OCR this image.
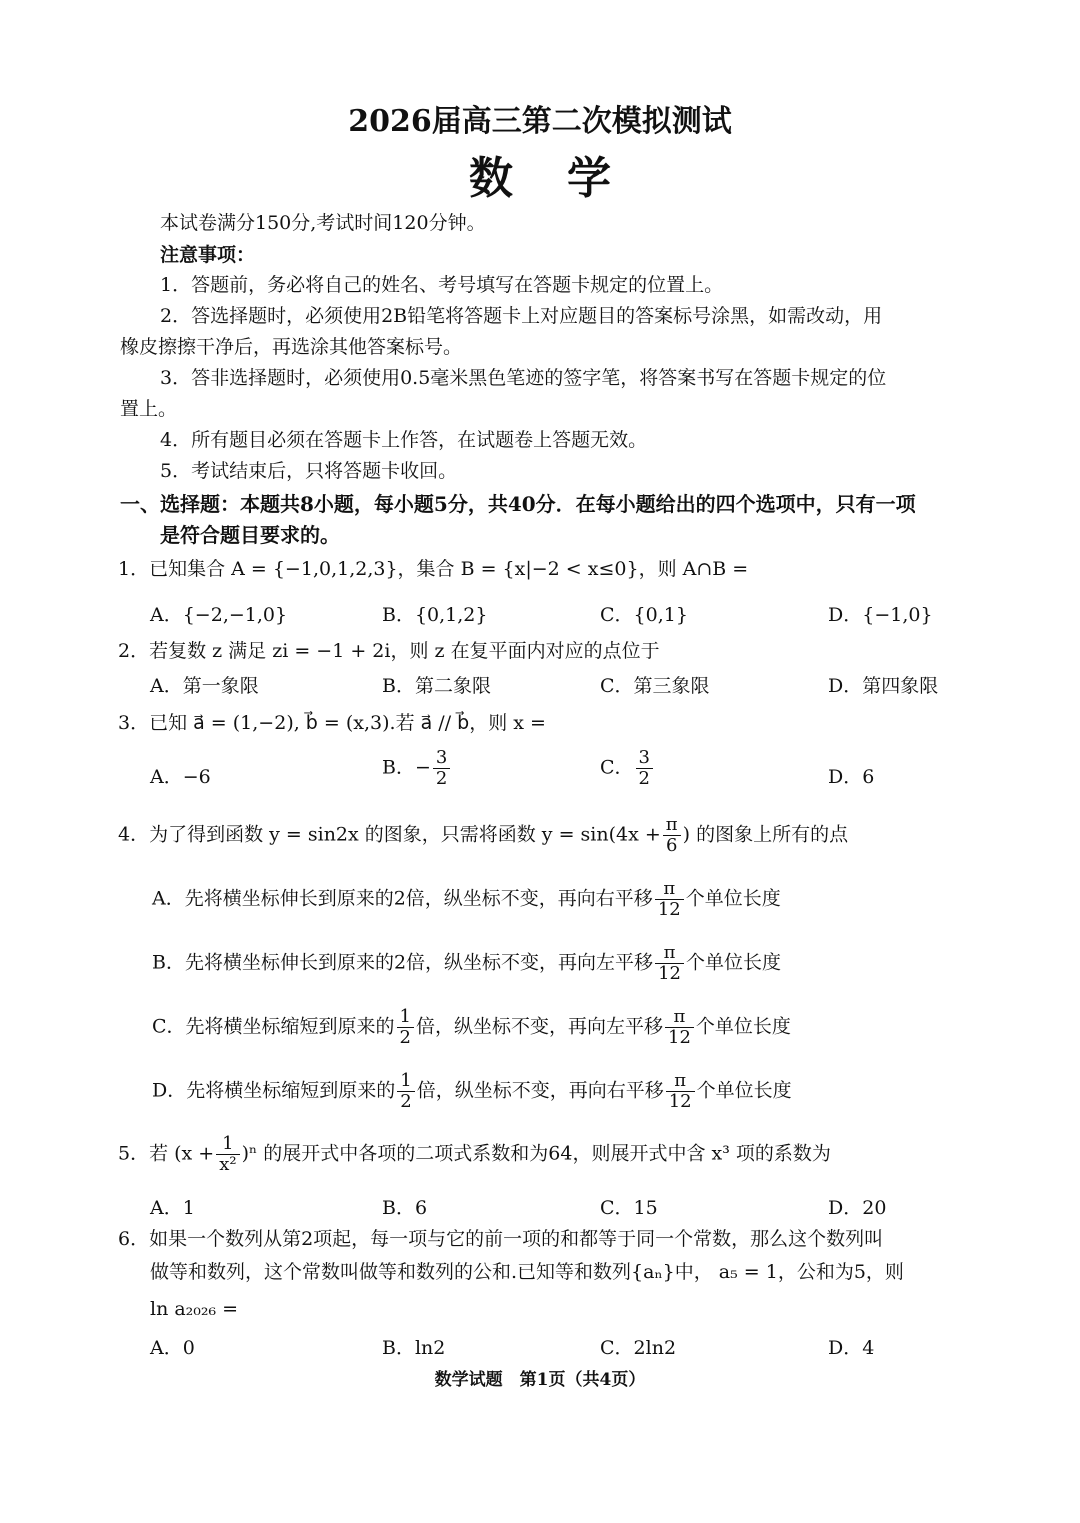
2026届高三第二次模拟测试
数学
本试卷满分150分,考试时间120分钟。
注意事项：
1．答题前，务必将自己的姓名、考号填写在答题卡规定的位置上。
2．答选择题时，必须使用2B铅笔将答题卡上对应题目的答案标号涂黑，如需改动，用
橡皮擦擦干净后，再选涂其他答案标号。
3．答非选择题时，必须使用0.5毫米黑色笔迹的签字笔，将答案书写在答题卡规定的位
置上。
4．所有题目必须在答题卡上作答，在试题卷上答题无效。
5．考试结束后，只将答题卡收回。
一、选择题：本题共8小题，每小题5分，共40分．在每小题给出的四个选项中，只有一项
是符合题目要求的。
1．已知集合 A = {−1,0,1,2,3}，集合 B = {x|−2 < x≤0}，则 A∩B =
A．{−2,−1,0}	B．{0,1,2}	C．{0,1}	D．{−1,0}
2．若复数 z 满足 zi = −1 + 2i，则 z 在复平面内对应的点位于
A．第一象限	B．第二象限	C．第三象限	D．第四象限
3．已知 a⃗ = (1,−2), b⃗ = (x,3).若 a⃗ // b⃗，则 x =
A．−6	B．− $\frac{3}{2}$	C． $\frac{3}{2}$	D．6
4．为了得到函数 y = sin2x 的图象，只需将函数 $y = \sin(4x + \frac{\pi}{6}$ ) 的图象上所有的点
A．先将横坐标伸长到原来的2倍，纵坐标不变，再向右平移 $\frac{\pi}{12}$ 个单位长度
B．先将横坐标伸长到原来的2倍，纵坐标不变，再向左平移 $\frac{\pi}{12}$ 个单位长度
C．先将横坐标缩短到原来的 $\frac{1}{2}$ 倍，纵坐标不变，再向左平移 $\frac{\pi}{12}$ 个单位长度
D．先将横坐标缩短到原来的 $\frac{1}{2}$ 倍，纵坐标不变，再向右平移 $\frac{\pi}{12}$ 个单位长度
5．若 $(x + \frac{1}{\text{x²}} )^n$ 的展开式中各项的二项式系数和为64，则展开式中含 x³ 项的系数为
A．1	B．6	C．15	D．20
6．如果一个数列从第2项起，每一项与它的前一项的和都等于同一个常数，那么这个数列叫
做等和数列，这个常数叫做等和数列的公和.已知等和数列{aₙ}中， a₅ = 1，公和为5，则
ln a₂₀₂₆ =
A．0	B．ln2	C．2ln2	D．4
数学试题　第1页（共4页）
